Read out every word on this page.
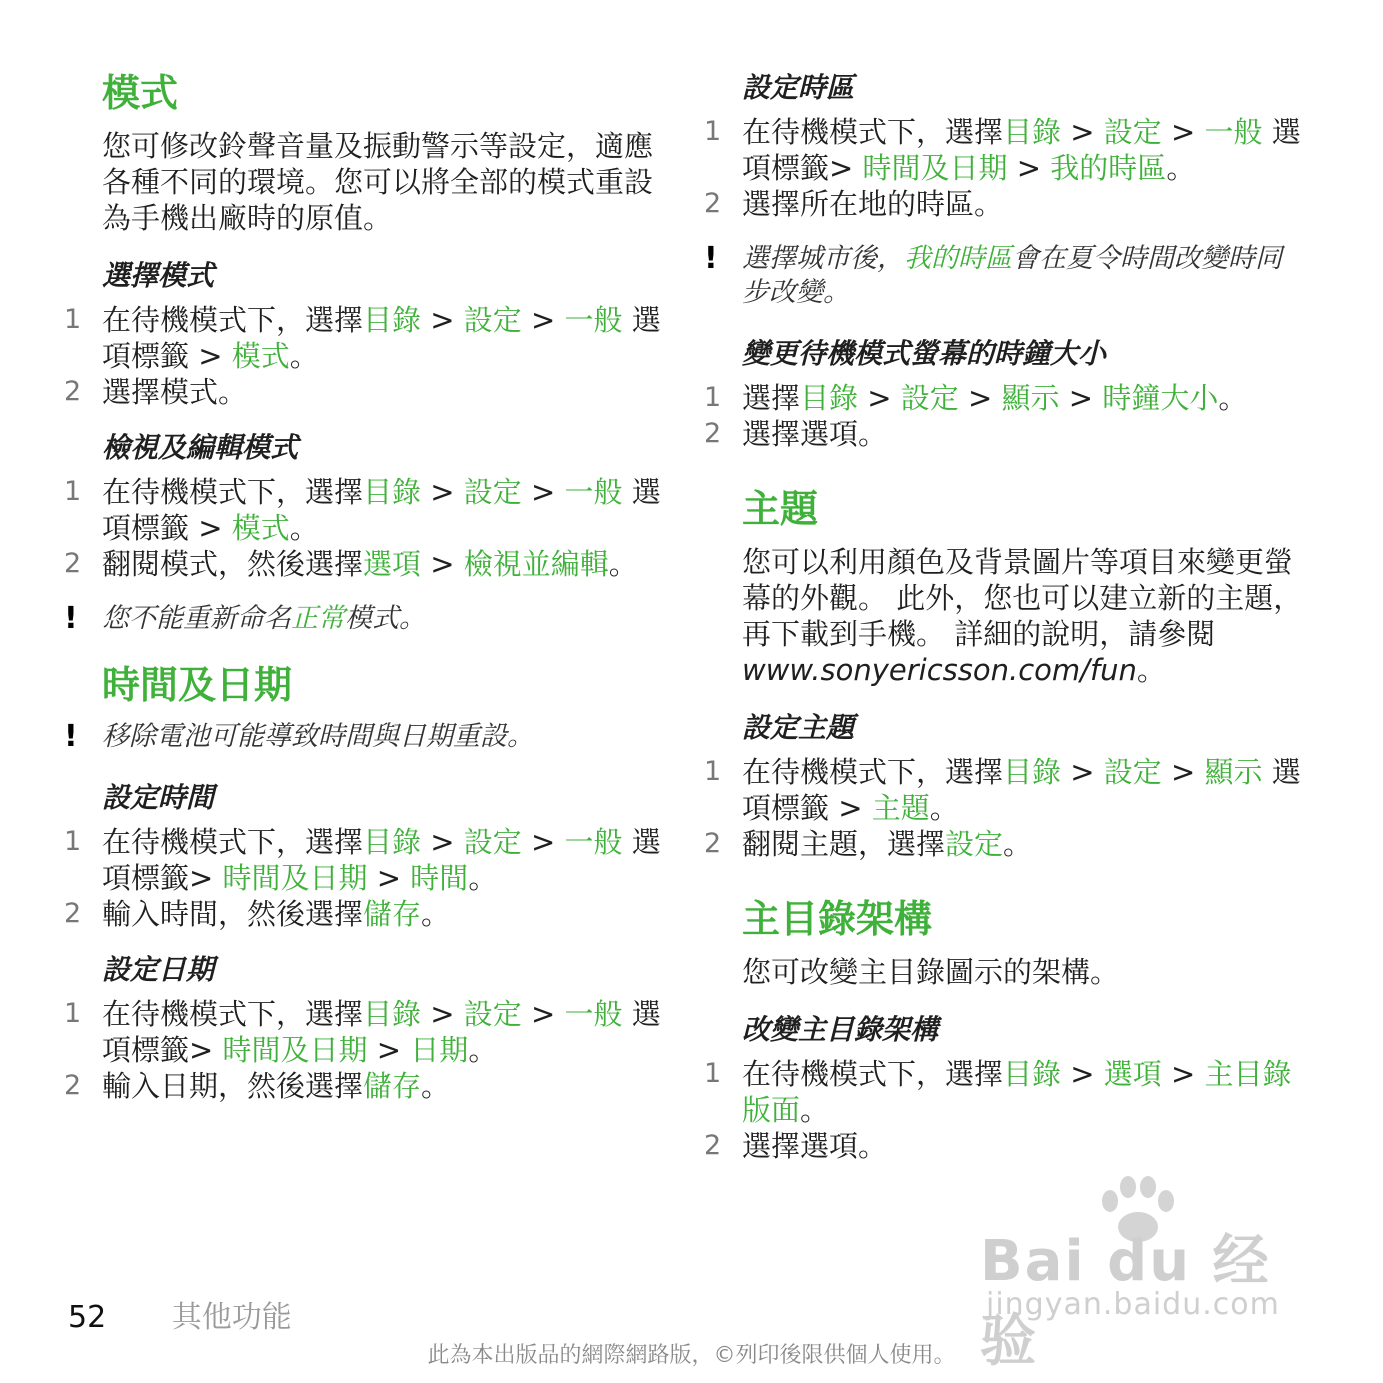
模式
您可修改鈴聲音量及振動警示等設定，適應各種不同的環境。您可以將全部的模式重設為手機出廠時的原值。
選擇模式
1 在待機模式下，選擇目錄 > 設定 > 一般 選項標籤 > 模式。
2 選擇模式。
檢視及編輯模式
1 在待機模式下，選擇目錄 > 設定 > 一般 選項標籤 > 模式。
2 翻閱模式，然後選擇選項 > 檢視並編輯。
! 您不能重新命名正常模式。
時間及日期
! 移除電池可能導致時間與日期重設。
設定時間
1 在待機模式下，選擇目錄 > 設定 > 一般 選項標籤> 時間及日期 > 時間。
2 輸入時間，然後選擇儲存。
設定日期
1 在待機模式下，選擇目錄 > 設定 > 一般 選項標籤> 時間及日期 > 日期。
2 輸入日期，然後選擇儲存。
設定時區
1 在待機模式下，選擇目錄 > 設定 > 一般 選項標籤> 時間及日期 > 我的時區。
2 選擇所在地的時區。
! 選擇城市後，我的時區會在夏令時間改變時同步改變。
變更待機模式螢幕的時鐘大小
1 選擇目錄 > 設定 > 顯示 > 時鐘大小。
2 選擇選項。
主題
您可以利用顏色及背景圖片等項目來變更螢幕的外觀。 此外，您也可以建立新的主題，再下載到手機。 詳細的說明，請參閱 www.sonyericsson.com/fun。
設定主題
1 在待機模式下，選擇目錄 > 設定 > 顯示 選項標籤 > 主題。
2 翻閱主題，選擇設定。
主目錄架構
您可改變主目錄圖示的架構。
改變主目錄架構
1 在待機模式下，選擇目錄 > 選項 > 主目錄版面。
2 選擇選項。
Bai du 经验
jingyan.baidu.com
52 其他功能
此為本出版品的網際網路版，©列印後限供個人使用。
